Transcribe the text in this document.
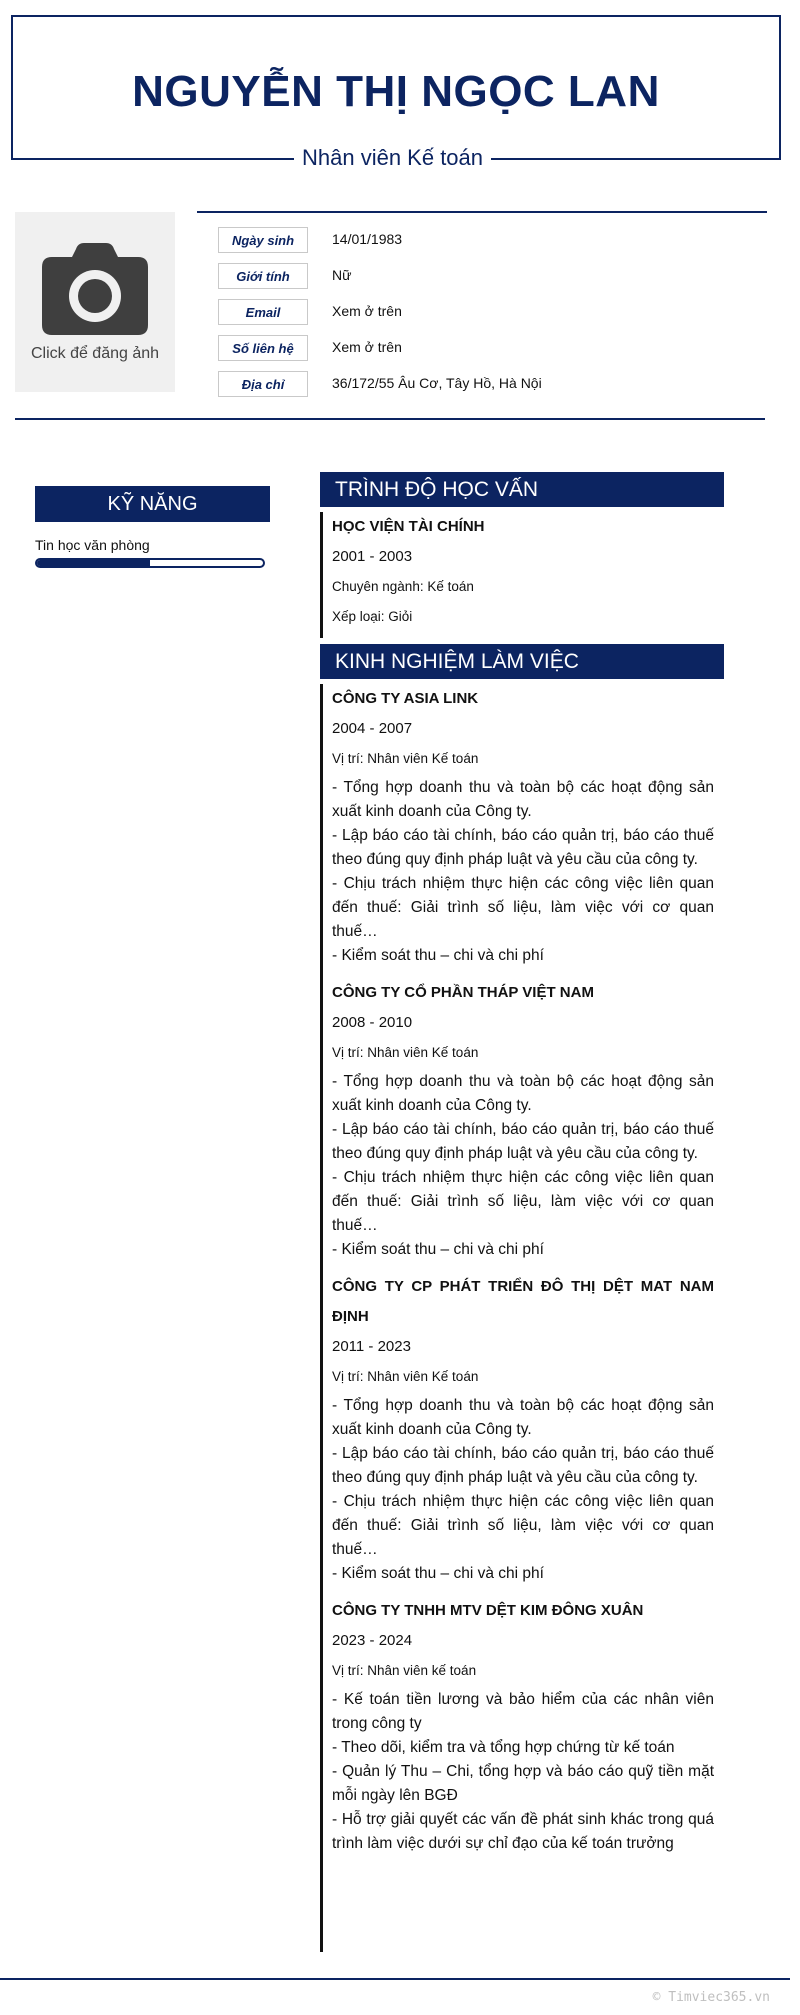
NGUYỄN THỊ NGỌC LAN
Nhân viên Kế toán
Click để đăng ảnh
Ngày sinh	14/01/1983
Giới tính	Nữ
Email	Xem ở trên
Số liên hệ	Xem ở trên
Địa chỉ	36/172/55 Âu Cơ, Tây Hồ, Hà Nội
KỸ NĂNG
Tin học văn phòng
TRÌNH ĐỘ HỌC VẤN
HỌC VIỆN TÀI CHÍNH
2001 - 2003
Chuyên ngành: Kế toán
Xếp loại: Giỏi
KINH NGHIỆM LÀM VIỆC
CÔNG TY ASIA LINK
2004 - 2007
Vị trí: Nhân viên Kế toán

- Tổng hợp doanh thu và toàn bộ các hoạt động sản xuất kinh doanh của Công ty.

- Lập báo cáo tài chính, báo cáo quản trị, báo cáo thuế theo đúng quy định pháp luật và yêu cầu của công ty.

- Chịu trách nhiệm thực hiện các công việc liên quan đến thuế: Giải trình số liệu, làm việc với cơ quan thuế…

- Kiểm soát thu – chi và chi phí

CÔNG TY CỔ PHẦN THÁP VIỆT NAM
2008 - 2010
Vị trí: Nhân viên Kế toán

- Tổng hợp doanh thu và toàn bộ các hoạt động sản xuất kinh doanh của Công ty.

- Lập báo cáo tài chính, báo cáo quản trị, báo cáo thuế theo đúng quy định pháp luật và yêu cầu của công ty.

- Chịu trách nhiệm thực hiện các công việc liên quan đến thuế: Giải trình số liệu, làm việc với cơ quan thuế…

- Kiểm soát thu – chi và chi phí

CÔNG TY CP PHÁT TRIỂN ĐÔ THỊ DỆT MAT NAM ĐỊNH
2011 - 2023
Vị trí: Nhân viên Kế toán

- Tổng hợp doanh thu và toàn bộ các hoạt động sản xuất kinh doanh của Công ty.

- Lập báo cáo tài chính, báo cáo quản trị, báo cáo thuế theo đúng quy định pháp luật và yêu cầu của công ty.

- Chịu trách nhiệm thực hiện các công việc liên quan đến thuế: Giải trình số liệu, làm việc với cơ quan thuế…

- Kiểm soát thu – chi và chi phí

CÔNG TY TNHH MTV DỆT KIM ĐÔNG XUÂN
2023 - 2024
Vị trí: Nhân viên kế toán

- Kế toán tiền lương và bảo hiểm của các nhân viên trong công ty

- Theo dõi, kiểm tra và tổng hợp chứng từ kế toán

- Quản lý Thu – Chi, tổng hợp và báo cáo quỹ tiền mặt mỗi ngày lên BGĐ

- Hỗ trợ giải quyết các vấn đề phát sinh khác trong quá trình làm việc dưới sự chỉ đạo của kế toán trưởng

© Timviec365.vn
